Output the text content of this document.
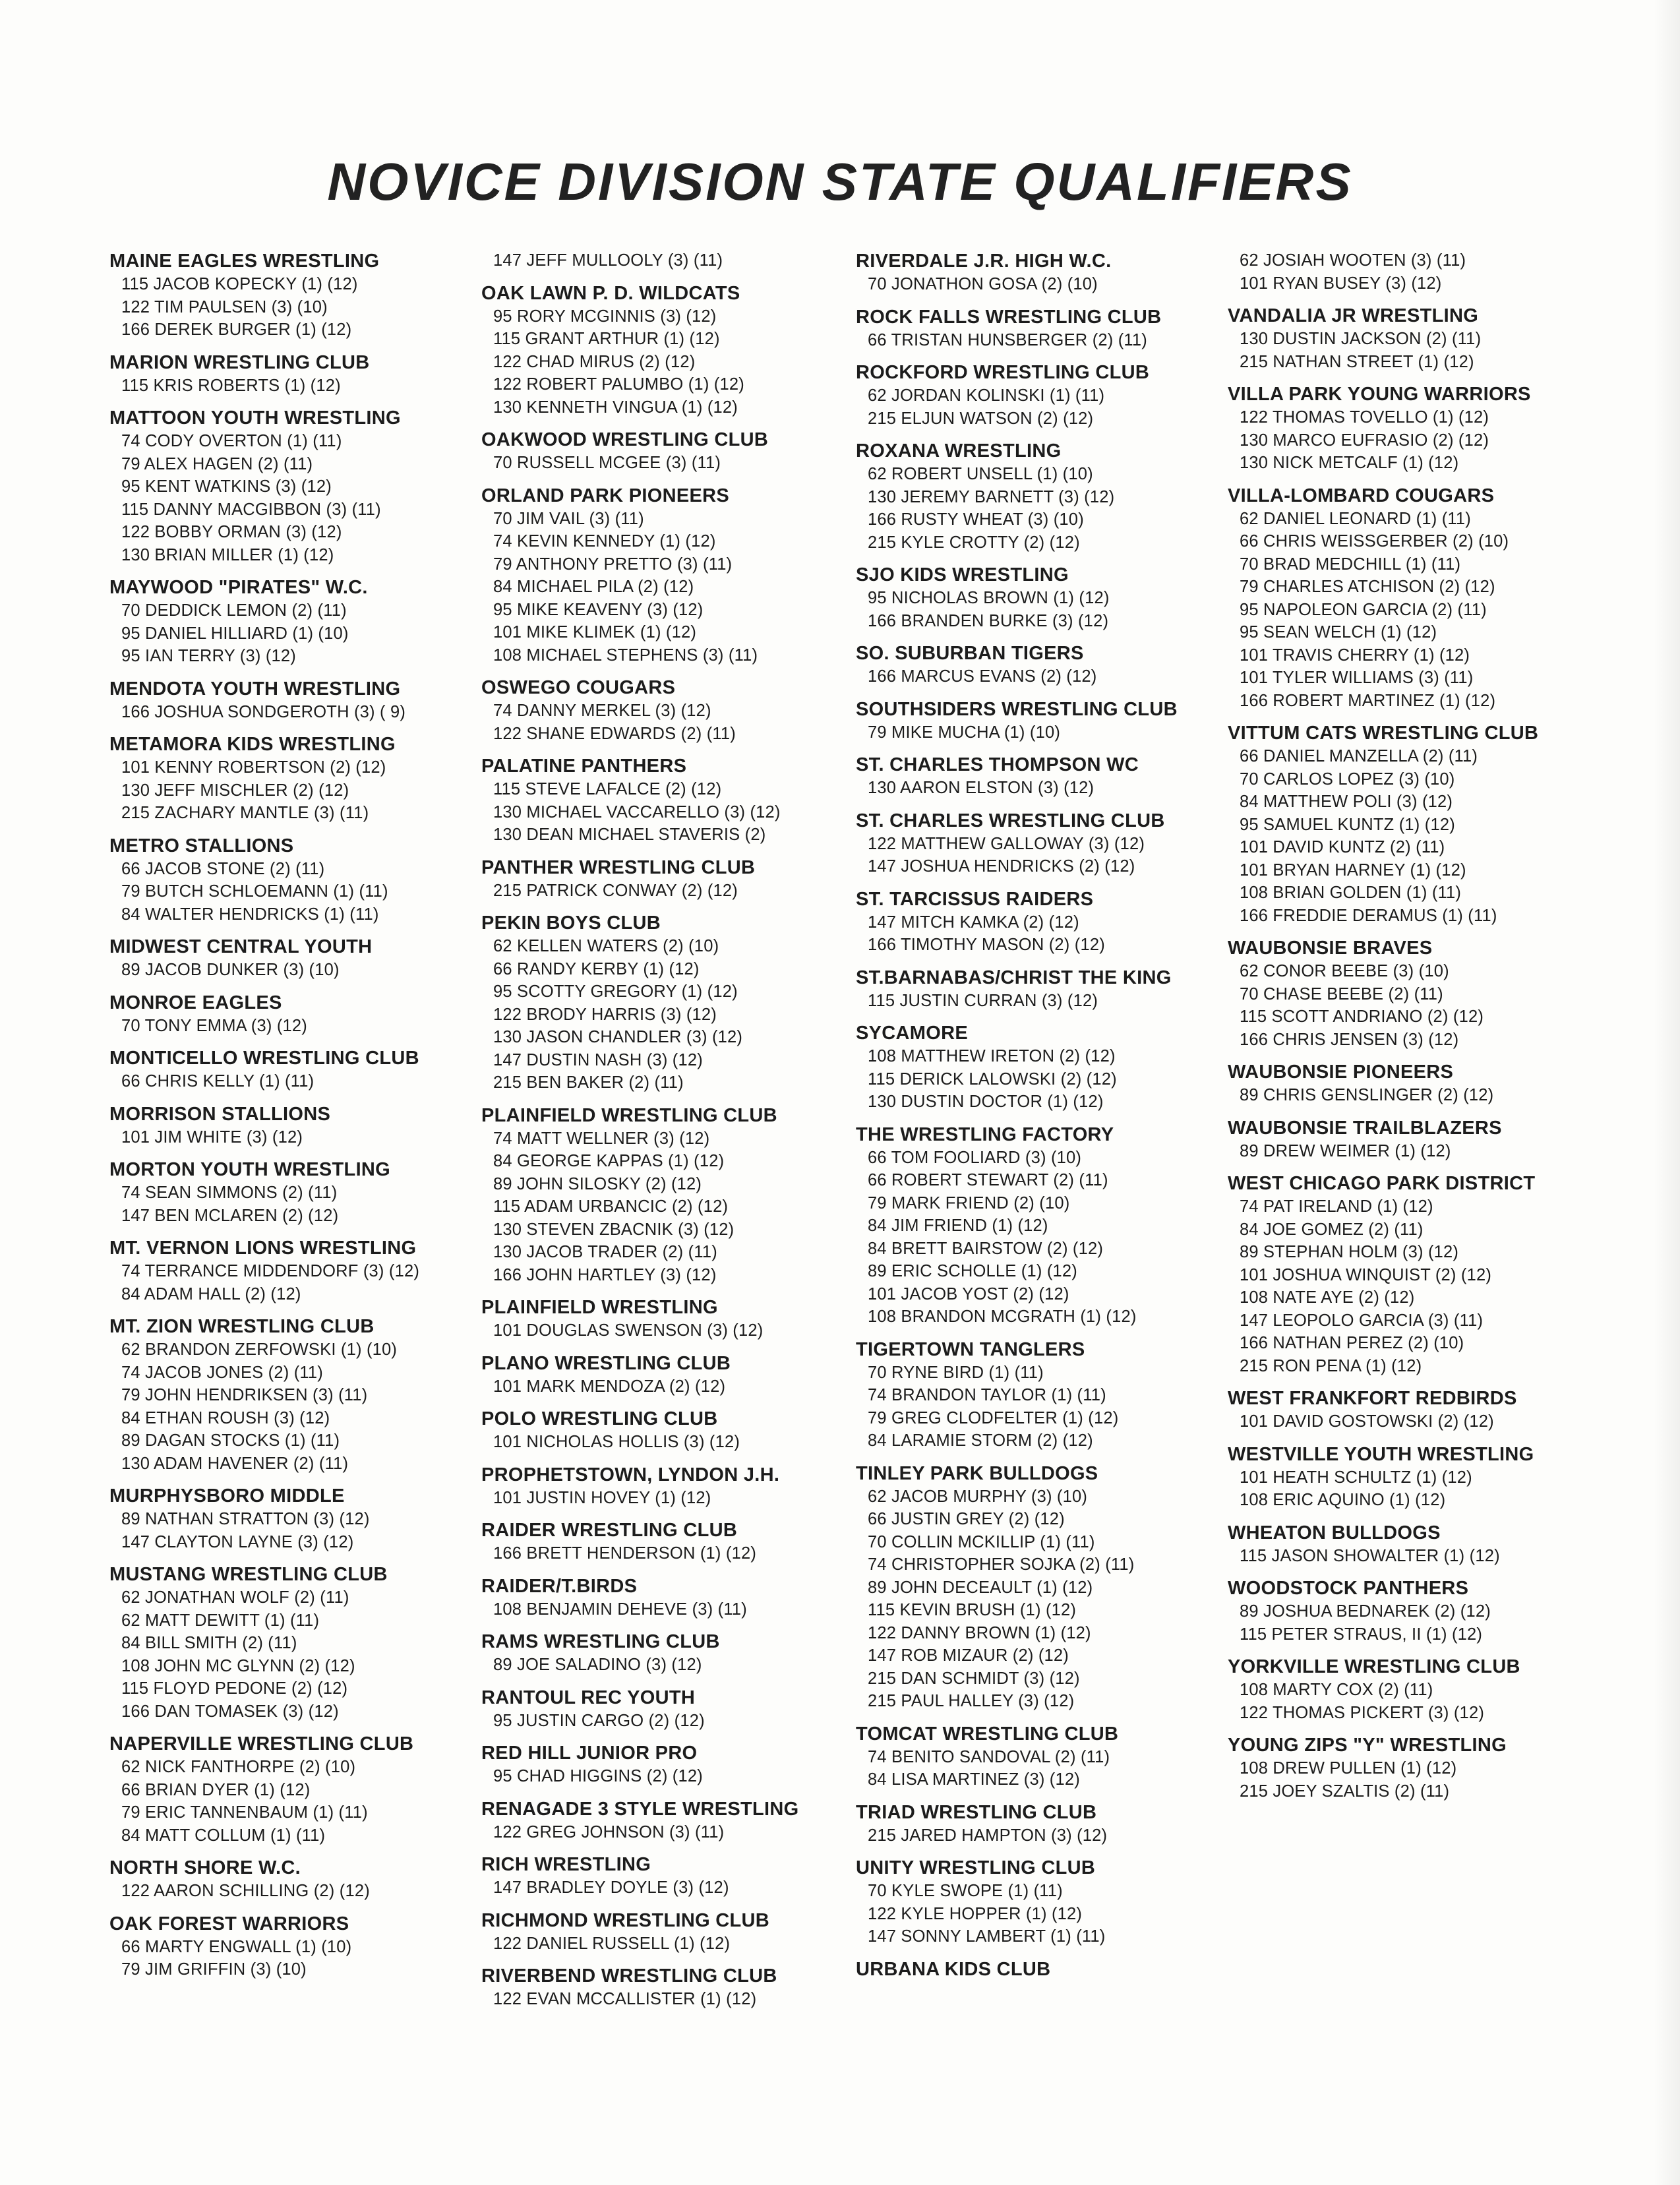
NOVICE DIVISION STATE QUALIFIERS
MAINE EAGLES WRESTLING
115 JACOB KOPECKY (1) (12)
122 TIM PAULSEN (3) (10)
166 DEREK BURGER (1) (12)
MARION WRESTLING CLUB
115 KRIS ROBERTS (1) (12)
MATTOON YOUTH WRESTLING
74 CODY OVERTON (1) (11)
79 ALEX HAGEN (2) (11)
95 KENT WATKINS (3) (12)
115 DANNY MACGIBBON (3) (11)
122 BOBBY ORMAN (3) (12)
130 BRIAN MILLER (1) (12)
MAYWOOD "PIRATES" W.C.
70 DEDDICK LEMON (2) (11)
95 DANIEL HILLIARD (1) (10)
95 IAN TERRY (3) (12)
MENDOTA YOUTH WRESTLING
166 JOSHUA SONDGEROTH (3) ( 9)
METAMORA KIDS WRESTLING
101 KENNY ROBERTSON (2) (12)
130 JEFF MISCHLER (2) (12)
215 ZACHARY MANTLE (3) (11)
METRO STALLIONS
66 JACOB STONE (2) (11)
79 BUTCH SCHLOEMANN (1) (11)
84 WALTER HENDRICKS (1) (11)
MIDWEST CENTRAL YOUTH
89 JACOB DUNKER (3) (10)
MONROE EAGLES
70 TONY EMMA (3) (12)
MONTICELLO WRESTLING CLUB
66 CHRIS KELLY (1) (11)
MORRISON STALLIONS
101 JIM WHITE (3) (12)
MORTON YOUTH WRESTLING
74 SEAN SIMMONS (2) (11)
147 BEN MCLAREN (2) (12)
MT. VERNON LIONS WRESTLING
74 TERRANCE MIDDENDORF (3) (12)
84 ADAM HALL (2) (12)
MT. ZION WRESTLING CLUB
62 BRANDON ZERFOWSKI (1) (10)
74 JACOB JONES (2) (11)
79 JOHN HENDRIKSEN (3) (11)
84 ETHAN ROUSH (3) (12)
89 DAGAN STOCKS (1) (11)
130 ADAM HAVENER (2) (11)
MURPHYSBORO MIDDLE
89 NATHAN STRATTON (3) (12)
147 CLAYTON LAYNE (3) (12)
MUSTANG WRESTLING CLUB
62 JONATHAN WOLF (2) (11)
62 MATT DEWITT (1) (11)
84 BILL SMITH (2) (11)
108 JOHN MC GLYNN (2) (12)
115 FLOYD PEDONE (2) (12)
166 DAN TOMASEK (3) (12)
NAPERVILLE WRESTLING CLUB
62 NICK FANTHORPE (2) (10)
66 BRIAN DYER (1) (12)
79 ERIC TANNENBAUM (1) (11)
84 MATT COLLUM (1) (11)
NORTH SHORE W.C.
122 AARON SCHILLING (2) (12)
OAK FOREST WARRIORS
66 MARTY ENGWALL (1) (10)
79 JIM GRIFFIN (3) (10)
147 JEFF MULLOOLY (3) (11)
OAK LAWN P. D. WILDCATS
95 RORY MCGINNIS (3) (12)
115 GRANT ARTHUR (1) (12)
122 CHAD MIRUS (2) (12)
122 ROBERT PALUMBO (1) (12)
130 KENNETH VINGUA (1) (12)
OAKWOOD WRESTLING CLUB
70 RUSSELL MCGEE (3) (11)
ORLAND PARK PIONEERS
70 JIM VAIL (3) (11)
74 KEVIN KENNEDY (1) (12)
79 ANTHONY PRETTO (3) (11)
84 MICHAEL PILA (2) (12)
95 MIKE KEAVENY (3) (12)
101 MIKE KLIMEK (1) (12)
108 MICHAEL STEPHENS (3) (11)
OSWEGO COUGARS
74 DANNY MERKEL (3) (12)
122 SHANE EDWARDS (2) (11)
PALATINE PANTHERS
115 STEVE LAFALCE (2) (12)
130 MICHAEL VACCARELLO (3) (12)
130 DEAN MICHAEL STAVERIS (2)
PANTHER WRESTLING CLUB
215 PATRICK CONWAY (2) (12)
PEKIN BOYS CLUB
62 KELLEN WATERS (2) (10)
66 RANDY KERBY (1) (12)
95 SCOTTY GREGORY (1) (12)
122 BRODY HARRIS (3) (12)
130 JASON CHANDLER (3) (12)
147 DUSTIN NASH (3) (12)
215 BEN BAKER (2) (11)
PLAINFIELD WRESTLING CLUB
74 MATT WELLNER (3) (12)
84 GEORGE KAPPAS (1) (12)
89 JOHN SILOSKY (2) (12)
115 ADAM URBANCIC (2) (12)
130 STEVEN ZBACNIK (3) (12)
130 JACOB TRADER (2) (11)
166 JOHN HARTLEY (3) (12)
PLAINFIELD WRESTLING
101 DOUGLAS SWENSON (3) (12)
PLANO WRESTLING CLUB
101 MARK MENDOZA (2) (12)
POLO WRESTLING CLUB
101 NICHOLAS HOLLIS (3) (12)
PROPHETSTOWN, LYNDON J.H.
101 JUSTIN HOVEY (1) (12)
RAIDER WRESTLING CLUB
166 BRETT HENDERSON (1) (12)
RAIDER/T.BIRDS
108 BENJAMIN DEHEVE (3) (11)
RAMS WRESTLING CLUB
89 JOE SALADINO (3) (12)
RANTOUL REC YOUTH
95 JUSTIN CARGO (2) (12)
RED HILL JUNIOR PRO
95 CHAD HIGGINS (2) (12)
RENAGADE 3 STYLE WRESTLING
122 GREG JOHNSON (3) (11)
RICH WRESTLING
147 BRADLEY DOYLE (3) (12)
RICHMOND WRESTLING CLUB
122 DANIEL RUSSELL (1) (12)
RIVERBEND WRESTLING CLUB
122 EVAN MCCALLISTER (1) (12)
RIVERDALE J.R. HIGH W.C.
70 JONATHON GOSA (2) (10)
ROCK FALLS WRESTLING CLUB
66 TRISTAN HUNSBERGER (2) (11)
ROCKFORD WRESTLING CLUB
62 JORDAN KOLINSKI (1) (11)
215 ELJUN WATSON (2) (12)
ROXANA WRESTLING
62 ROBERT UNSELL (1) (10)
130 JEREMY BARNETT (3) (12)
166 RUSTY WHEAT (3) (10)
215 KYLE CROTTY (2) (12)
SJO KIDS WRESTLING
95 NICHOLAS BROWN (1) (12)
166 BRANDEN BURKE (3) (12)
SO. SUBURBAN TIGERS
166 MARCUS EVANS (2) (12)
SOUTHSIDERS WRESTLING CLUB
79 MIKE MUCHA (1) (10)
ST. CHARLES THOMPSON WC
130 AARON ELSTON (3) (12)
ST. CHARLES WRESTLING CLUB
122 MATTHEW GALLOWAY (3) (12)
147 JOSHUA HENDRICKS (2) (12)
ST. TARCISSUS RAIDERS
147 MITCH KAMKA (2) (12)
166 TIMOTHY MASON (2) (12)
ST.BARNABAS/CHRIST THE KING
115 JUSTIN CURRAN (3) (12)
SYCAMORE
108 MATTHEW IRETON (2) (12)
115 DERICK LALOWSKI (2) (12)
130 DUSTIN DOCTOR (1) (12)
THE WRESTLING FACTORY
66 TOM FOOLIARD (3) (10)
66 ROBERT STEWART (2) (11)
79 MARK FRIEND (2) (10)
84 JIM FRIEND (1) (12)
84 BRETT BAIRSTOW (2) (12)
89 ERIC SCHOLLE (1) (12)
101 JACOB YOST (2) (12)
108 BRANDON MCGRATH (1) (12)
TIGERTOWN TANGLERS
70 RYNE BIRD (1) (11)
74 BRANDON TAYLOR (1) (11)
79 GREG CLODFELTER (1) (12)
84 LARAMIE STORM (2) (12)
TINLEY PARK BULLDOGS
62 JACOB MURPHY (3) (10)
66 JUSTIN GREY (2) (12)
70 COLLIN MCKILLIP (1) (11)
74 CHRISTOPHER SOJKA (2) (11)
89 JOHN DECEAULT (1) (12)
115 KEVIN BRUSH (1) (12)
122 DANNY BROWN (1) (12)
147 ROB MIZAUR (2) (12)
215 DAN SCHMIDT (3) (12)
215 PAUL HALLEY (3) (12)
TOMCAT WRESTLING CLUB
74 BENITO SANDOVAL (2) (11)
84 LISA MARTINEZ (3) (12)
TRIAD WRESTLING CLUB
215 JARED HAMPTON (3) (12)
UNITY WRESTLING CLUB
70 KYLE SWOPE (1) (11)
122 KYLE HOPPER (1) (12)
147 SONNY LAMBERT (1) (11)
URBANA KIDS CLUB
62 JOSIAH WOOTEN (3) (11)
101 RYAN BUSEY (3) (12)
VANDALIA JR WRESTLING
130 DUSTIN JACKSON (2) (11)
215 NATHAN STREET (1) (12)
VILLA PARK YOUNG WARRIORS
122 THOMAS TOVELLO (1) (12)
130 MARCO EUFRASIO (2) (12)
130 NICK METCALF (1) (12)
VILLA-LOMBARD COUGARS
62 DANIEL LEONARD (1) (11)
66 CHRIS WEISSGERBER (2) (10)
70 BRAD MEDCHILL (1) (11)
79 CHARLES ATCHISON (2) (12)
95 NAPOLEON GARCIA (2) (11)
95 SEAN WELCH (1) (12)
101 TRAVIS CHERRY (1) (12)
101 TYLER WILLIAMS (3) (11)
166 ROBERT MARTINEZ (1) (12)
VITTUM CATS WRESTLING CLUB
66 DANIEL MANZELLA (2) (11)
70 CARLOS LOPEZ (3) (10)
84 MATTHEW POLI (3) (12)
95 SAMUEL KUNTZ (1) (12)
101 DAVID KUNTZ (2) (11)
101 BRYAN HARNEY (1) (12)
108 BRIAN GOLDEN (1) (11)
166 FREDDIE DERAMUS (1) (11)
WAUBONSIE BRAVES
62 CONOR BEEBE (3) (10)
70 CHASE BEEBE (2) (11)
115 SCOTT ANDRIANO (2) (12)
166 CHRIS JENSEN (3) (12)
WAUBONSIE PIONEERS
89 CHRIS GENSLINGER (2) (12)
WAUBONSIE TRAILBLAZERS
89 DREW WEIMER (1) (12)
WEST CHICAGO PARK DISTRICT
74 PAT IRELAND (1) (12)
84 JOE GOMEZ (2) (11)
89 STEPHAN HOLM (3) (12)
101 JOSHUA WINQUIST (2) (12)
108 NATE AYE (2) (12)
147 LEOPOLO GARCIA (3) (11)
166 NATHAN PEREZ (2) (10)
215 RON PENA (1) (12)
WEST FRANKFORT REDBIRDS
101 DAVID GOSTOWSKI (2) (12)
WESTVILLE YOUTH WRESTLING
101 HEATH SCHULTZ (1) (12)
108 ERIC AQUINO (1) (12)
WHEATON BULLDOGS
115 JASON SHOWALTER (1) (12)
WOODSTOCK PANTHERS
89 JOSHUA BEDNAREK (2) (12)
115 PETER STRAUS, II (1) (12)
YORKVILLE WRESTLING CLUB
108 MARTY COX (2) (11)
122 THOMAS PICKERT (3) (12)
YOUNG ZIPS "Y" WRESTLING
108 DREW PULLEN (1) (12)
215 JOEY SZALTIS (2) (11)
